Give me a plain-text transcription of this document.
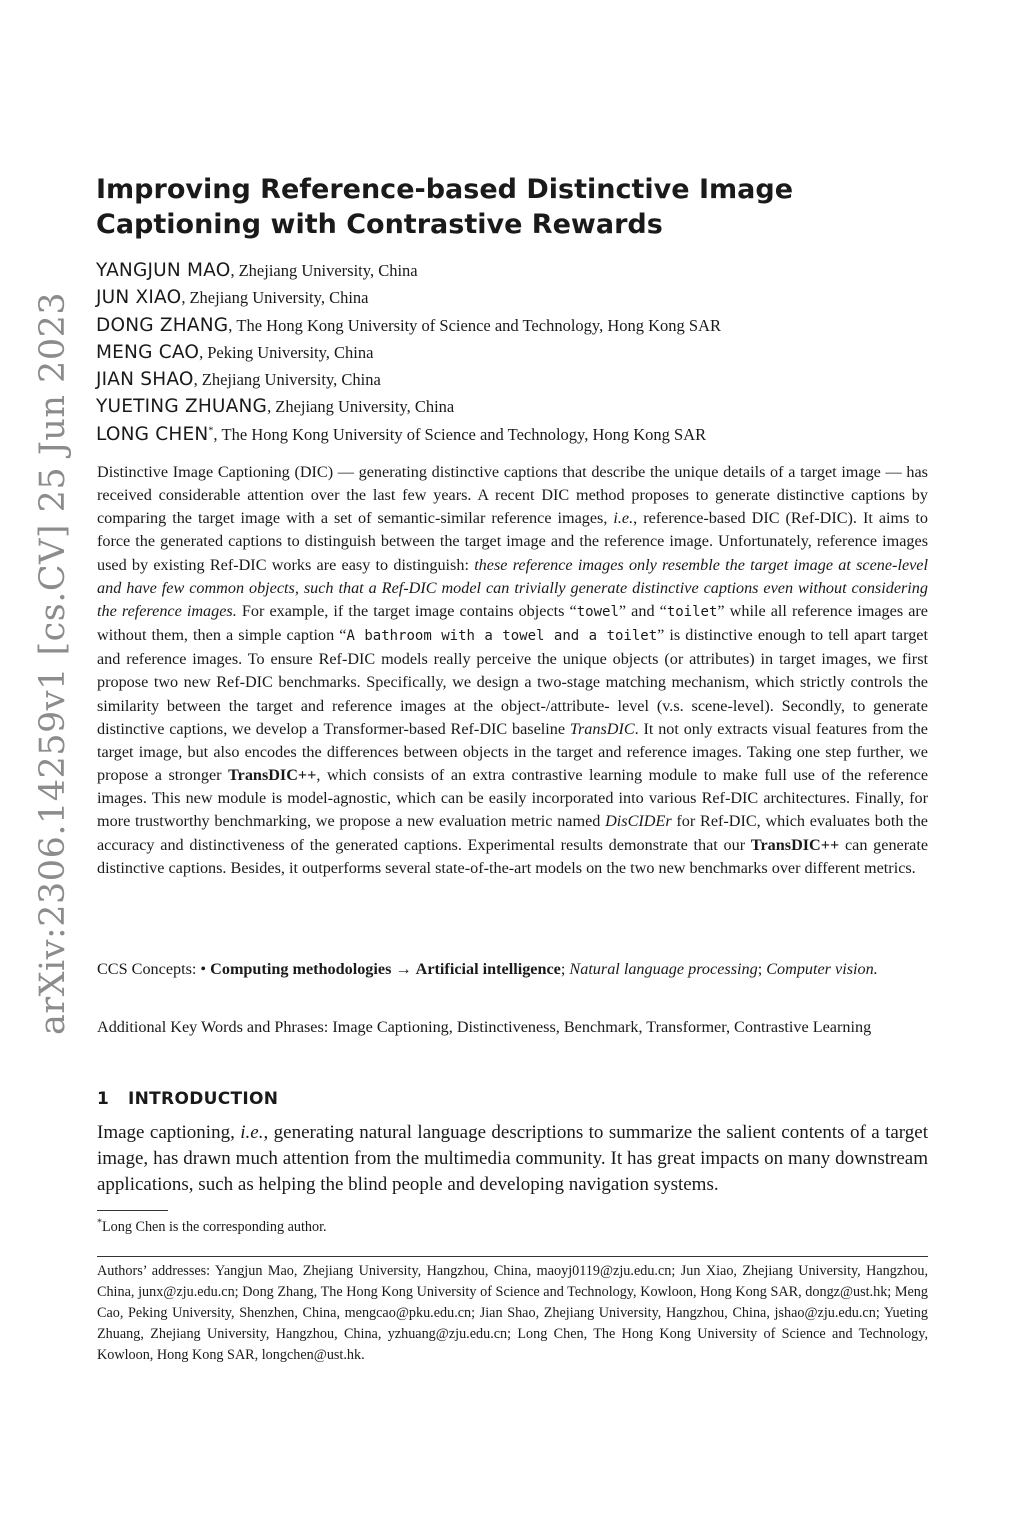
arXiv:2306.14259v1 [cs.CV] 25 Jun 2023
Improving Reference-based Distinctive Image Captioning with Contrastive Rewards
YANGJUN MAO, Zhejiang University, China
JUN XIAO, Zhejiang University, China
DONG ZHANG, The Hong Kong University of Science and Technology, Hong Kong SAR
MENG CAO, Peking University, China
JIAN SHAO, Zhejiang University, China
YUETING ZHUANG, Zhejiang University, China
LONG CHEN*, The Hong Kong University of Science and Technology, Hong Kong SAR

Distinctive Image Captioning (DIC) — generating distinctive captions that describe the unique details of a target image — has received considerable attention over the last few years. A recent DIC method proposes to generate distinctive captions by comparing the target image with a set of semantic-similar reference images, i.e., reference-based DIC (Ref-DIC). It aims to force the generated captions to distinguish between the target image and the reference image. Unfortunately, reference images used by existing Ref-DIC works are easy to distinguish: these reference images only resemble the target image at scene-level and have few common objects, such that a Ref-DIC model can trivially generate distinctive captions even without considering the reference images. For example, if the target image contains objects “towel” and “toilet” while all reference images are without them, then a simple caption “A bathroom with a towel and a toilet” is distinctive enough to tell apart target and reference images. To ensure Ref-DIC models really perceive the unique objects (or attributes) in target images, we first propose two new Ref-DIC benchmarks. Specifically, we design a two-stage matching mechanism, which strictly controls the similarity between the target and reference images at the object-/attribute- level (v.s. scene-level). Secondly, to generate distinctive captions, we develop a Transformer-based Ref-DIC baseline TransDIC. It not only extracts visual features from the target image, but also encodes the differences between objects in the target and reference images. Taking one step further, we propose a stronger TransDIC++, which consists of an extra contrastive learning module to make full use of the reference images. This new module is model-agnostic, which can be easily incorporated into various Ref-DIC architectures. Finally, for more trustworthy benchmarking, we propose a new evaluation metric named DisCIDEr for Ref-DIC, which evaluates both the accuracy and distinctiveness of the generated captions. Experimental results demonstrate that our TransDIC++ can generate distinctive captions. Besides, it outperforms several state-of-the-art models on the two new benchmarks over different metrics.

CCS Concepts: • Computing methodologies → Artificial intelligence; Natural language processing; Computer vision.

Additional Key Words and Phrases: Image Captioning, Distinctiveness, Benchmark, Transformer, Contrastive Learning

1 INTRODUCTION

Image captioning, i.e., generating natural language descriptions to summarize the salient contents of a target image, has drawn much attention from the multimedia community. It has great impacts on many downstream applications, such as helping the blind people and developing navigation systems.

*Long Chen is the corresponding author.

Authors’ addresses: Yangjun Mao, Zhejiang University, Hangzhou, China, maoyj0119@zju.edu.cn; Jun Xiao, Zhejiang University, Hangzhou, China, junx@zju.edu.cn; Dong Zhang, The Hong Kong University of Science and Technology, Kowloon, Hong Kong SAR, dongz@ust.hk; Meng Cao, Peking University, Shenzhen, China, mengcao@pku.edu.cn; Jian Shao, Zhejiang University, Hangzhou, China, jshao@zju.edu.cn; Yueting Zhuang, Zhejiang University, Hangzhou, China, yzhuang@zju.edu.cn; Long Chen, The Hong Kong University of Science and Technology, Kowloon, Hong Kong SAR, longchen@ust.hk.
